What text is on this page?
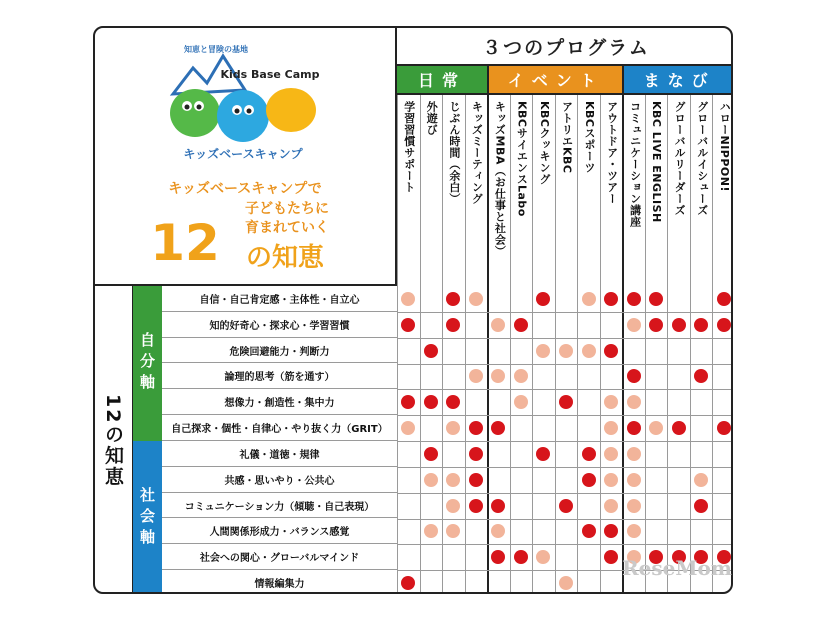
知恵と冒険の基地
Kids Base Camp
キッズベースキャンプ
キッズベースキャンプで
子どもたちに
育まれていく
12 の知恵
３つのプログラム
日常	イベント	まなび
学習習慣サポート 外遊び じぶん時間（余白） キッズミーティング キッズMBA（お仕事と社会） KBCサイエンスLabo KBCクッキング アトリエKBC KBCスポーツ アウトドア・ツアー コミュニケーション講座 KBC LIVE ENGLISH グローバルリーダーズ グローバルイシューズ ハローNIPPON!
12の知恵
自分軸
社会軸
自信・自己肯定感・主体性・自立心
知的好奇心・探求心・学習習慣
危険回避能力・判断力
論理的思考（筋を通す）
想像力・創造性・集中力
自己探求・個性・自律心・やり抜く力（GRIT）
礼儀・道徳・規律
共感・思いやり・公共心
コミュニケーション力（傾聴・自己表現）
人間関係形成力・バランス感覚
社会への関心・グローバルマインド
情報編集力
ReseMom
